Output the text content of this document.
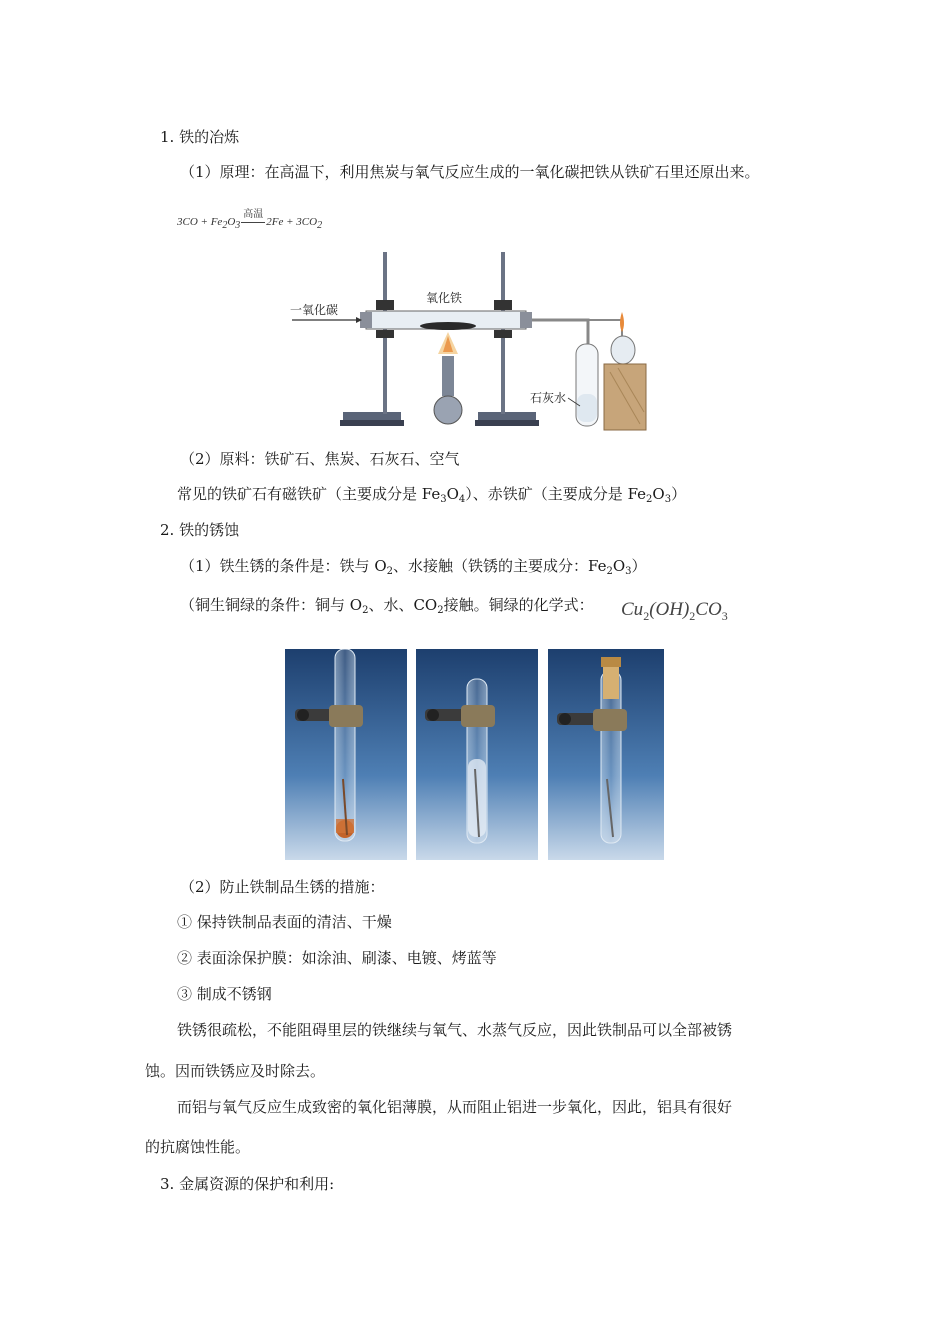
1. 铁的冶炼
（1）原理：在高温下，利用焦炭与氧气反应生成的一氧化碳把铁从铁矿石里还原出来。
3CO + Fe2O3
高温
2Fe + 3CO2
一氧化碳
氧化铁
石灰水
（2）原料：铁矿石、焦炭、石灰石、空气
常见的铁矿石有磁铁矿（主要成分是 $Fe_3O_4$）、赤铁矿（主要成分是 $Fe_2O_3$）
2. 铁的锈蚀
（1）铁生锈的条件是：铁与 $O_2$、水接触（铁锈的主要成分：$Fe_2O_3$）
（铜生铜绿的条件：铜与 $O_2$、水、$CO_2$接触。铜绿的化学式： $Cu_2(OH)_2CO_3$
（2）防止铁制品生锈的措施：
① 保持铁制品表面的清洁、干燥
② 表面涂保护膜：如涂油、刷漆、电镀、烤蓝等
③ 制成不锈钢
铁锈很疏松，不能阻碍里层的铁继续与氧气、水蒸气反应，因此铁制品可以全部被锈
蚀。因而铁锈应及时除去。
而铝与氧气反应生成致密的氧化铝薄膜，从而阻止铝进一步氧化，因此，铝具有很好
的抗腐蚀性能。
3. 金属资源的保护和利用:
